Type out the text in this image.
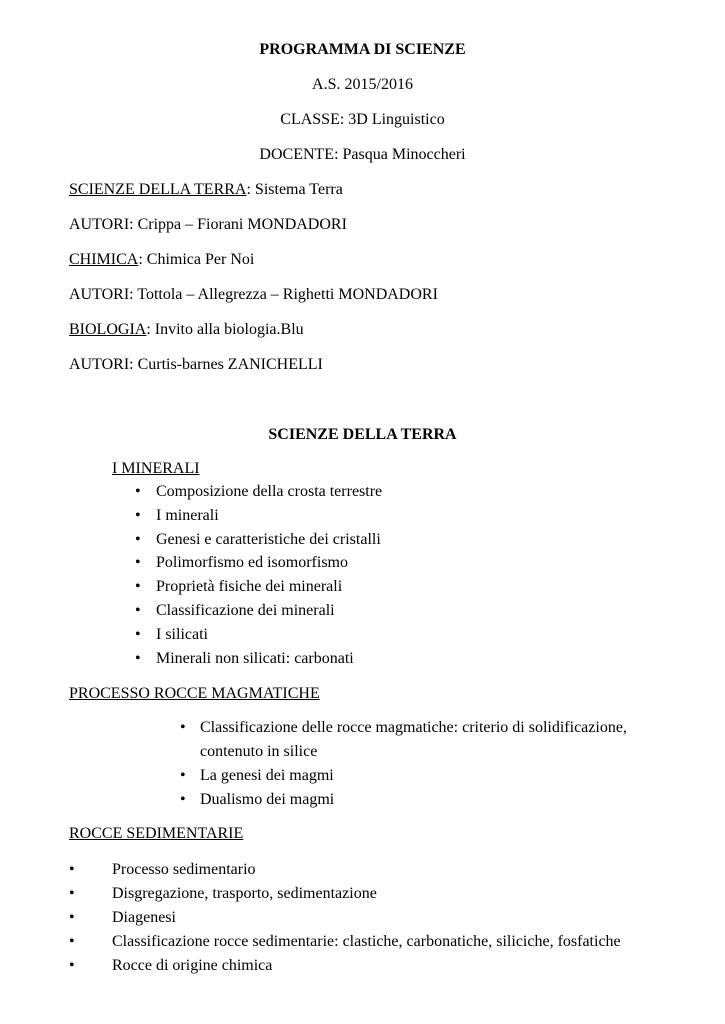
PROGRAMMA DI SCIENZE
A.S. 2015/2016
CLASSE: 3D Linguistico
DOCENTE: Pasqua Minoccheri
SCIENZE DELLA TERRA: Sistema Terra
AUTORI: Crippa – Fiorani MONDADORI
CHIMICA: Chimica Per Noi
AUTORI: Tottola – Allegrezza – Righetti MONDADORI
BIOLOGIA: Invito alla biologia.Blu
AUTORI: Curtis-barnes ZANICHELLI
SCIENZE DELLA TERRA
I MINERALI
• Composizione della crosta terrestre
• I minerali
• Genesi e caratteristiche dei cristalli
• Polimorfismo ed isomorfismo
• Proprietà fisiche dei minerali
• Classificazione dei minerali
• I silicati
• Minerali non silicati: carbonati
PROCESSO ROCCE MAGMATICHE
• Classificazione delle rocce magmatiche: criterio di solidificazione,
contenuto in silice
• La genesi dei magmi
• Dualismo dei magmi
ROCCE SEDIMENTARIE
• Processo sedimentario
• Disgregazione, trasporto, sedimentazione
• Diagenesi
• Classificazione rocce sedimentarie: clastiche, carbonatiche, siliciche, fosfatiche
• Rocce di origine chimica
